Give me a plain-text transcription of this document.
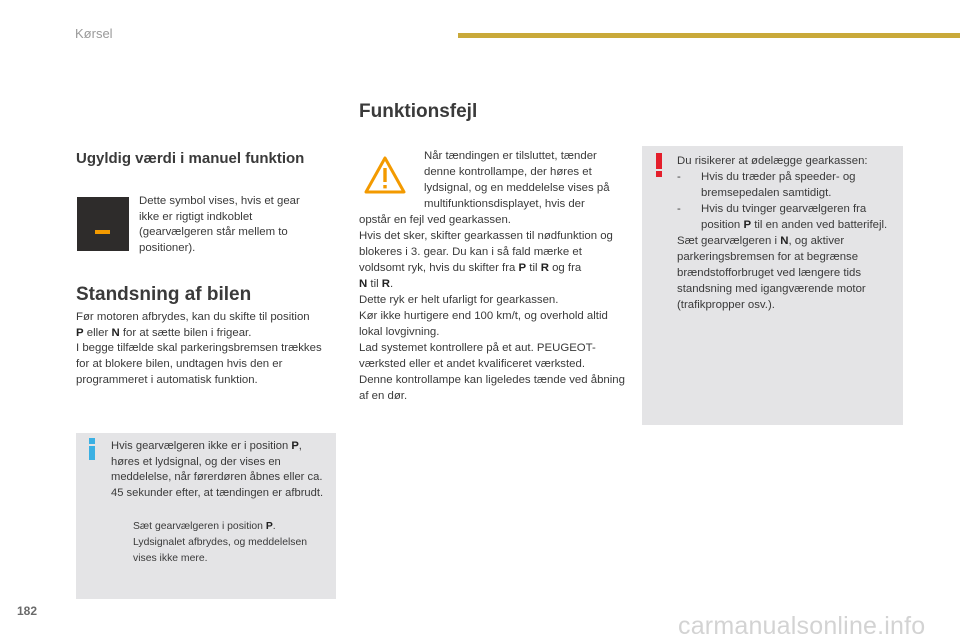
Kørsel
Ugyldig værdi i manuel funktion
Dette symbol vises, hvis et gear ikke er rigtigt indkoblet (gearvælgeren står mellem to positioner).
Standsning af bilen
Før motoren afbrydes, kan du skifte til position
P eller N for at sætte bilen i frigear.
I begge tilfælde skal parkeringsbremsen trækkes for at blokere bilen, undtagen hvis den er programmeret i automatisk funktion.
Hvis gearvælgeren ikke er i position P, høres et lydsignal, og der vises en meddelelse, når førerdøren åbnes eller ca. 45 sekunder efter, at tændingen er afbrudt.
Sæt gearvælgeren i position P.
Lydsignalet afbrydes, og meddelelsen vises ikke mere.
Funktionsfejl
Når tændingen er tilsluttet, tænder denne kontrollampe, der høres et lydsignal, og en meddelelse vises på multifunktionsdisplayet, hvis der
opstår en fejl ved gearkassen.
Hvis det sker, skifter gearkassen til nødfunktion og blokeres i 3. gear. Du kan i så fald mærke et voldsomt ryk, hvis du skifter fra P til R og fra
N til R.
Dette ryk er helt ufarligt for gearkassen.
Kør ikke hurtigere end 100 km/t, og overhold altid lokal lovgivning.
Lad systemet kontrollere på et aut. PEUGEOT-værksted eller et andet kvalificeret værksted.
Denne kontrollampe kan ligeledes tænde ved åbning af en dør.
Du risikerer at ødelægge gearkassen:
- Hvis du træder på speeder- og bremsepedalen samtidigt.
- Hvis du tvinger gearvælgeren fra position P til en anden ved batterifejl.
Sæt gearvælgeren i N, og aktiver parkeringsbremsen for at begrænse brændstofforbruget ved længere tids standsning med igangværende motor (trafikpropper osv.).
182
carmanualsonline.info
